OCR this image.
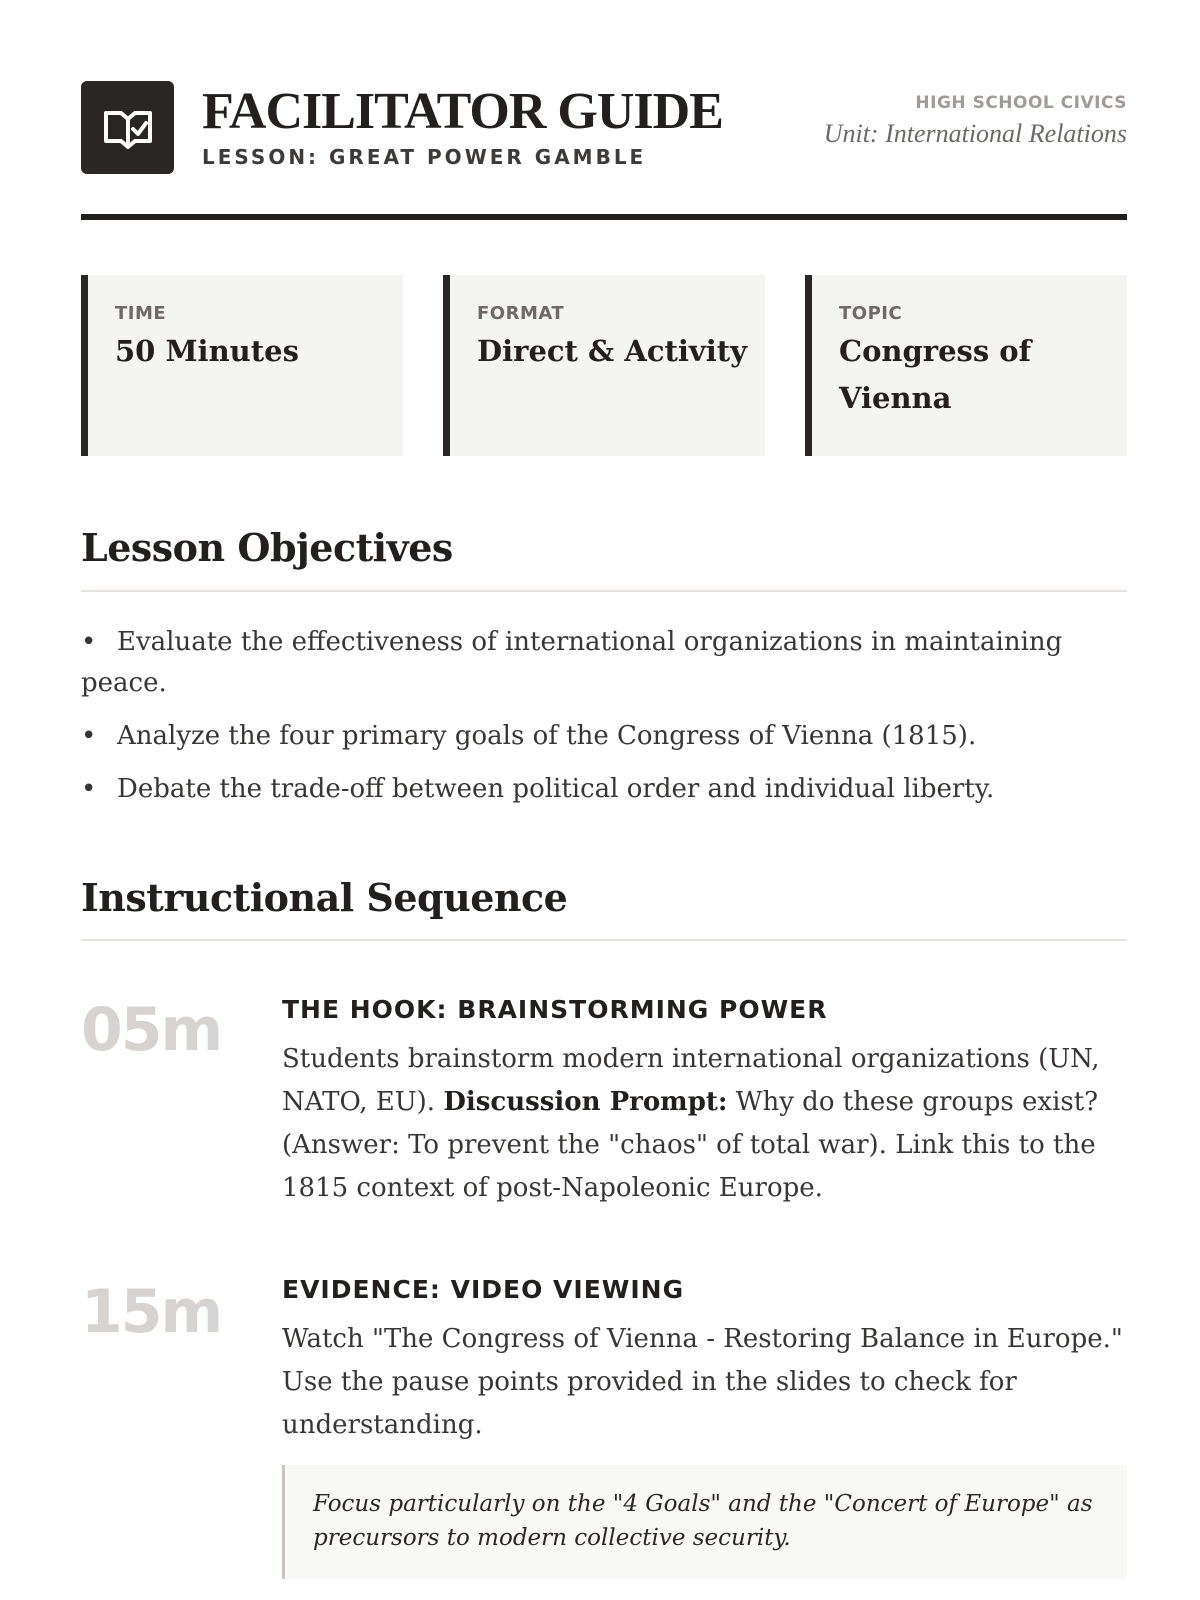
FACILITATOR GUIDE
LESSON: GREAT POWER GAMBLE
HIGH SCHOOL CIVICS
Unit: International Relations
TIME
50 Minutes
FORMAT
Direct & Activity
TOPIC
Congress of Vienna
Lesson Objectives
• Evaluate the effectiveness of international organizations in maintaining peace.
• Analyze the four primary goals of the Congress of Vienna (1815).
• Debate the trade-off between political order and individual liberty.
Instructional Sequence
05m THE HOOK: BRAINSTORMING POWER
Students brainstorm modern international organizations (UN, NATO, EU). Discussion Prompt: Why do these groups exist? (Answer: To prevent the "chaos" of total war). Link this to the 1815 context of post-Napoleonic Europe.
15m EVIDENCE: VIDEO VIEWING
Watch "The Congress of Vienna - Restoring Balance in Europe." Use the pause points provided in the slides to check for understanding.
Focus particularly on the "4 Goals" and the "Concert of Europe" as precursors to modern collective security.
